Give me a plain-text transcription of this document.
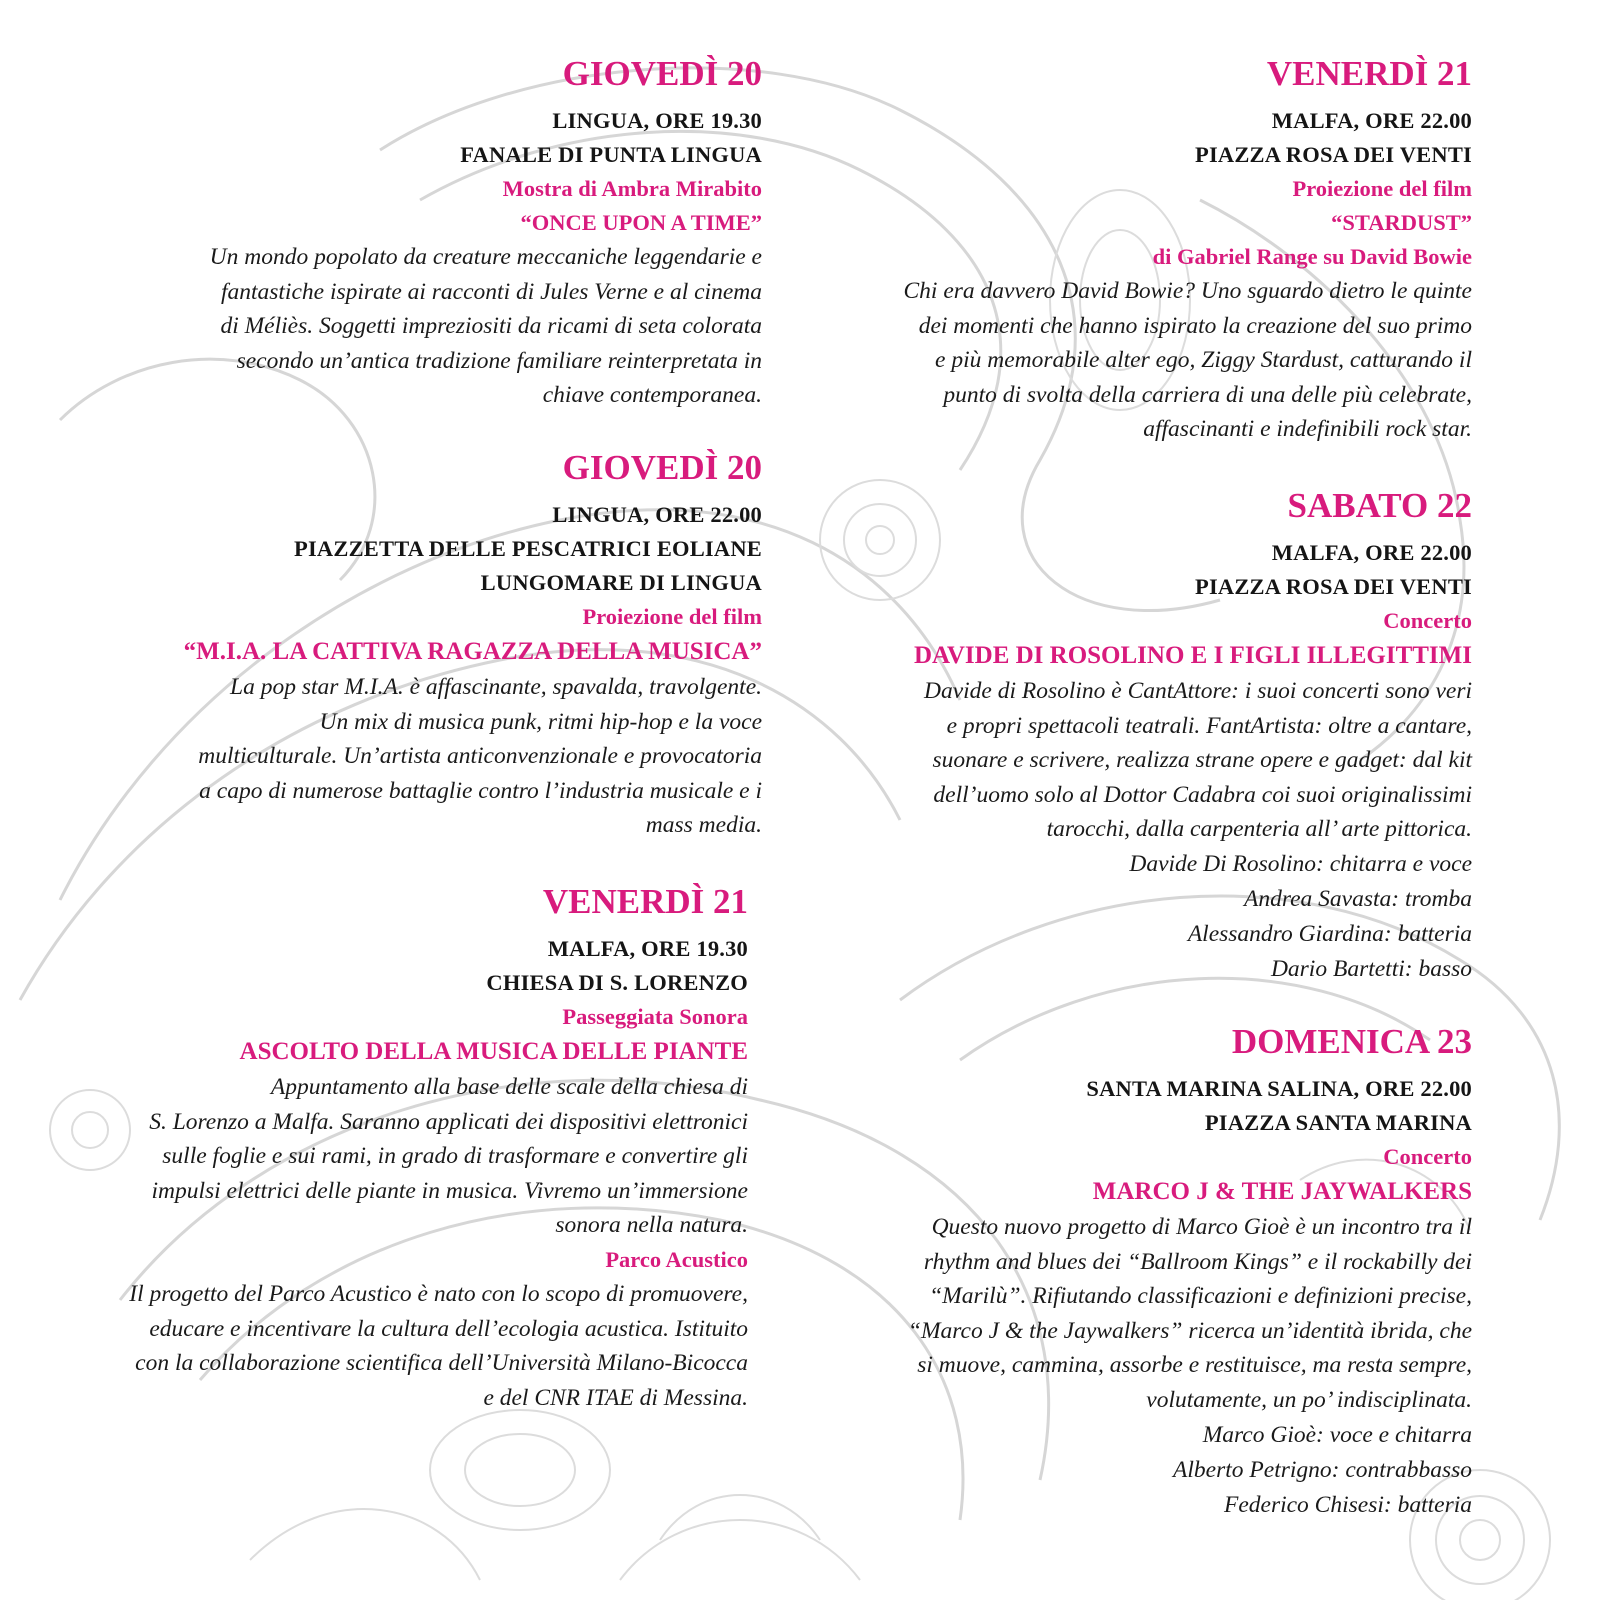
GIOVEDÌ 20
LINGUA, ORE 19.30
FANALE DI PUNTA LINGUA
Mostra di Ambra Mirabito
“ONCE UPON A TIME”
Un mondo popolato da creature meccaniche leggendarie e
fantastiche ispirate ai racconti di Jules Verne e al cinema
di Méliès. Soggetti impreziositi da ricami di seta colorata
secondo un’antica tradizione familiare reinterpretata in
chiave contemporanea.
GIOVEDÌ 20
LINGUA, ORE 22.00
PIAZZETTA DELLE PESCATRICI EOLIANE
LUNGOMARE DI LINGUA
Proiezione del film
“M.I.A. LA CATTIVA RAGAZZA DELLA MUSICA”
La pop star M.I.A. è affascinante, spavalda, travolgente.
Un mix di musica punk, ritmi hip-hop e la voce
multiculturale. Un’artista anticonvenzionale e provocatoria
a capo di numerose battaglie contro l’industria musicale e i
mass media.
VENERDÌ 21
MALFA, ORE 19.30
CHIESA DI S. LORENZO
Passeggiata Sonora
ASCOLTO DELLA MUSICA DELLE PIANTE
Appuntamento alla base delle scale della chiesa di
S. Lorenzo a Malfa. Saranno applicati dei dispositivi elettronici
sulle foglie e sui rami, in grado di trasformare e convertire gli
impulsi elettrici delle piante in musica. Vivremo un’immersione
sonora nella natura.
Parco Acustico
Il progetto del Parco Acustico è nato con lo scopo di promuovere,
educare e incentivare la cultura dell’ecologia acustica. Istituito
con la collaborazione scientifica dell’Università Milano-Bicocca
e del CNR ITAE di Messina.
VENERDÌ 21
MALFA, ORE 22.00
PIAZZA ROSA DEI VENTI
Proiezione del film
“STARDUST”
di Gabriel Range su David Bowie
Chi era davvero David Bowie? Uno sguardo dietro le quinte
dei momenti che hanno ispirato la creazione del suo primo
e più memorabile alter ego, Ziggy Stardust, catturando il
punto di svolta della carriera di una delle più celebrate,
affascinanti e indefinibili rock star.
SABATO 22
MALFA, ORE 22.00
PIAZZA ROSA DEI VENTI
Concerto
DAVIDE DI ROSOLINO E I FIGLI ILLEGITTIMI
Davide di Rosolino è CantAttore: i suoi concerti sono veri
e propri spettacoli teatrali. FantArtista: oltre a cantare,
suonare e scrivere, realizza strane opere e gadget: dal kit
dell’uomo solo al Dottor Cadabra coi suoi originalissimi
tarocchi, dalla carpenteria all’ arte pittorica.
Davide Di Rosolino: chitarra e voce
Andrea Savasta: tromba
Alessandro Giardina: batteria
Dario Bartetti: basso
DOMENICA 23
SANTA MARINA SALINA, ORE 22.00
PIAZZA SANTA MARINA
Concerto
MARCO J & THE JAYWALKERS
Questo nuovo progetto di Marco Gioè è un incontro tra il
rhythm and blues dei “Ballroom Kings” e il rockabilly dei
“Marilù”. Rifiutando classificazioni e definizioni precise,
“Marco J & the Jaywalkers” ricerca un’identità ibrida, che
si muove, cammina, assorbe e restituisce, ma resta sempre,
volutamente, un po’ indisciplinata.
Marco Gioè: voce e chitarra
Alberto Petrigno: contrabbasso
Federico Chisesi: batteria
